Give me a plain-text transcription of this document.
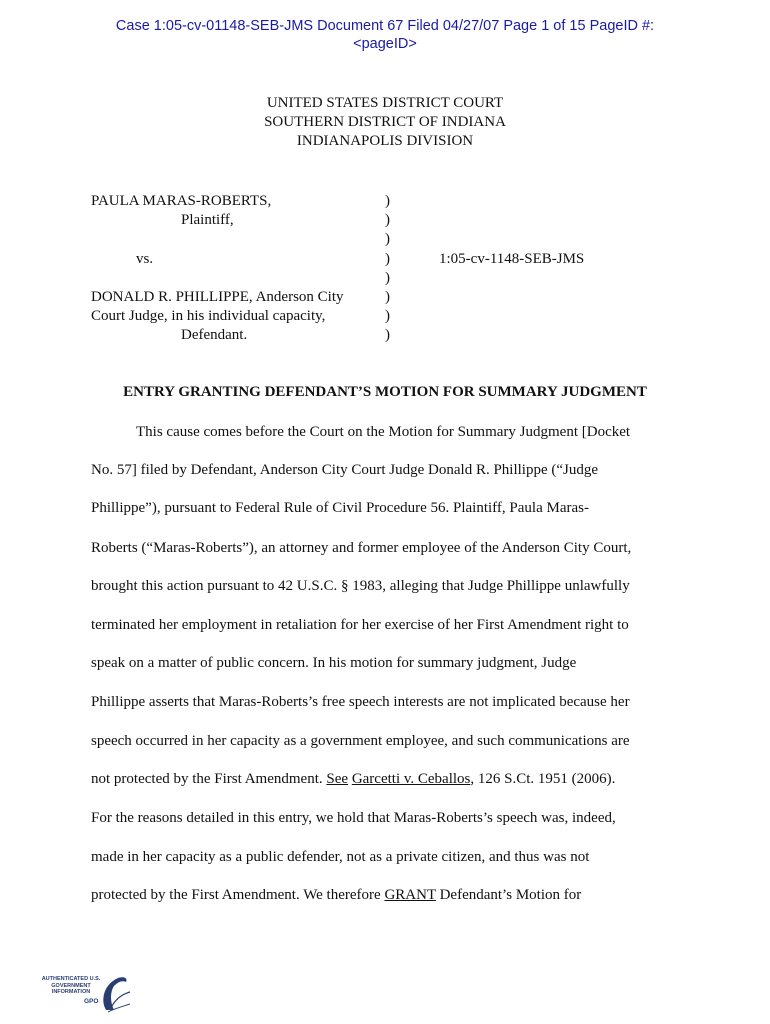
Case 1:05-cv-01148-SEB-JMS Document 67 Filed 04/27/07 Page 1 of 15 PageID #:
<pageID>
UNITED STATES DISTRICT COURT
SOUTHERN DISTRICT OF INDIANA
INDIANAPOLIS DIVISION
PAULA MARAS-ROBERTS,
Plaintiff,
vs.
DONALD R. PHILLIPPE, Anderson City
Court Judge, in his individual capacity,
Defendant.
1:05-cv-1148-SEB-JMS
)
)
)
)
)
)
)
)
ENTRY GRANTING DEFENDANT’S MOTION FOR SUMMARY JUDGMENT
This cause comes before the Court on the Motion for Summary Judgment [Docket
No. 57] filed by Defendant, Anderson City Court Judge Donald R. Phillippe (“Judge
Phillippe”), pursuant to Federal Rule of Civil Procedure 56. Plaintiff, Paula Maras-
Roberts (“Maras-Roberts”), an attorney and former employee of the Anderson City Court,
brought this action pursuant to 42 U.S.C. § 1983, alleging that Judge Phillippe unlawfully
terminated her employment in retaliation for her exercise of her First Amendment right to
speak on a matter of public concern. In his motion for summary judgment, Judge
Phillippe asserts that Maras-Roberts’s free speech interests are not implicated because her
speech occurred in her capacity as a government employee, and such communications are
not protected by the First Amendment. See Garcetti v. Ceballos, 126 S.Ct. 1951 (2006).
For the reasons detailed in this entry, we hold that Maras-Roberts’s speech was, indeed,
made in her capacity as a public defender, not as a private citizen, and thus was not
protected by the First Amendment. We therefore GRANT Defendant’s Motion for
AUTHENTICATED U.S. GOVERNMENT INFORMATION
GPO
